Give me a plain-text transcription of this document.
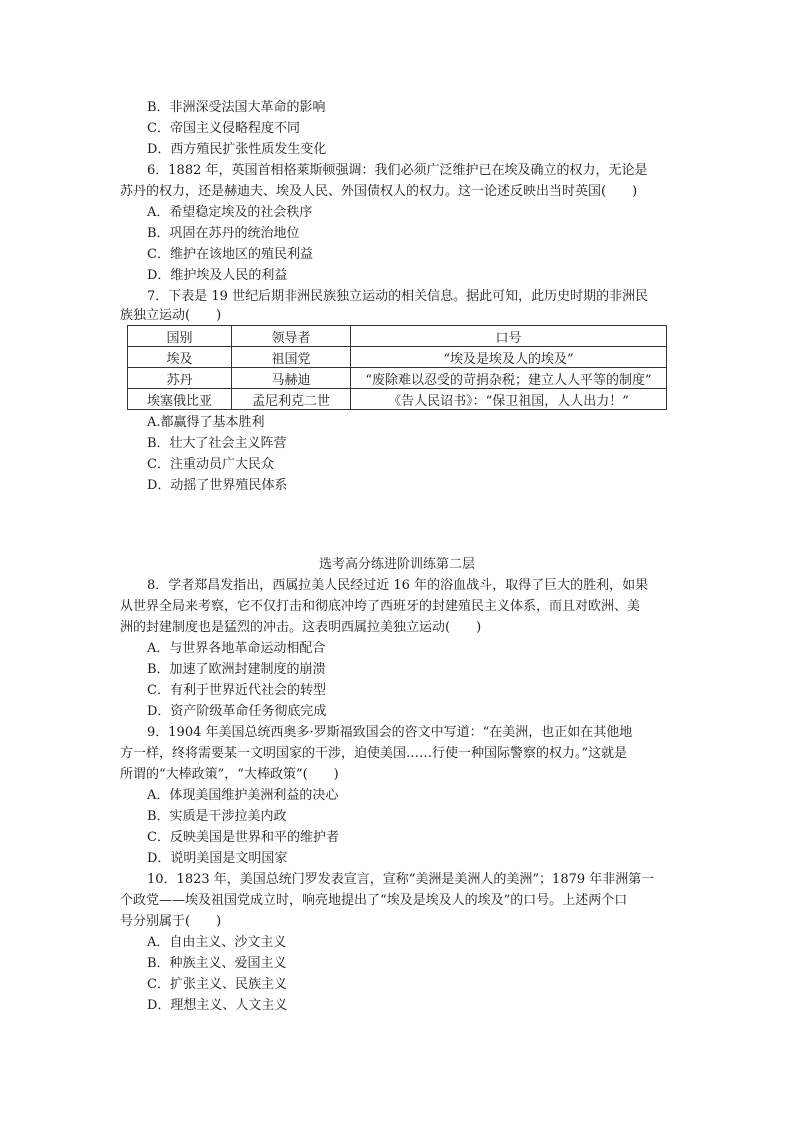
B．非洲深受法国大革命的影响
C．帝国主义侵略程度不同
D．西方殖民扩张性质发生变化
6．1882 年，英国首相格莱斯顿强调：我们必须广泛维护已在埃及确立的权力，无论是
苏丹的权力，还是赫迪夫、埃及人民、外国债权人的权力。这一论述反映出当时英国(　　)
A．希望稳定埃及的社会秩序
B．巩固在苏丹的统治地位
C．维护在该地区的殖民利益
D．维护埃及人民的利益
7．下表是 19 世纪后期非洲民族独立运动的相关信息。据此可知，此历史时期的非洲民
族独立运动(　　)
国别	领导者	口号
埃及	祖国党	“埃及是埃及人的埃及”
苏丹	马赫迪	“废除难以忍受的苛捐杂税；建立人人平等的制度”
埃塞俄比亚	孟尼利克二世	《告人民诏书》：“保卫祖国，人人出力！”
A.都赢得了基本胜利
B．壮大了社会主义阵营
C．注重动员广大民众
D．动摇了世界殖民体系
选考高分练进阶训练第二层
8．学者郑昌发指出，西属拉美人民经过近 16 年的浴血战斗，取得了巨大的胜利，如果
从世界全局来考察，它不仅打击和彻底冲垮了西班牙的封建殖民主义体系，而且对欧洲、美
洲的封建制度也是猛烈的冲击。这表明西属拉美独立运动(　　)
A．与世界各地革命运动相配合
B．加速了欧洲封建制度的崩溃
C．有利于世界近代社会的转型
D．资产阶级革命任务彻底完成
9．1904 年美国总统西奥多·罗斯福致国会的咨文中写道：“在美洲，也正如在其他地
方一样，终将需要某一文明国家的干涉，迫使美国……行使一种国际警察的权力。”这就是
所谓的“大棒政策”，“大棒政策”(　　)
A．体现美国维护美洲利益的决心
B．实质是干涉拉美内政
C．反映美国是世界和平的维护者
D．说明美国是文明国家
10．1823 年，美国总统门罗发表宣言，宣称“美洲是美洲人的美洲”；1879 年非洲第一
个政党——埃及祖国党成立时，响亮地提出了“埃及是埃及人的埃及”的口号。上述两个口
号分别属于(　　)
A．自由主义、沙文主义
B．种族主义、爱国主义
C．扩张主义、民族主义
D．理想主义、人文主义
